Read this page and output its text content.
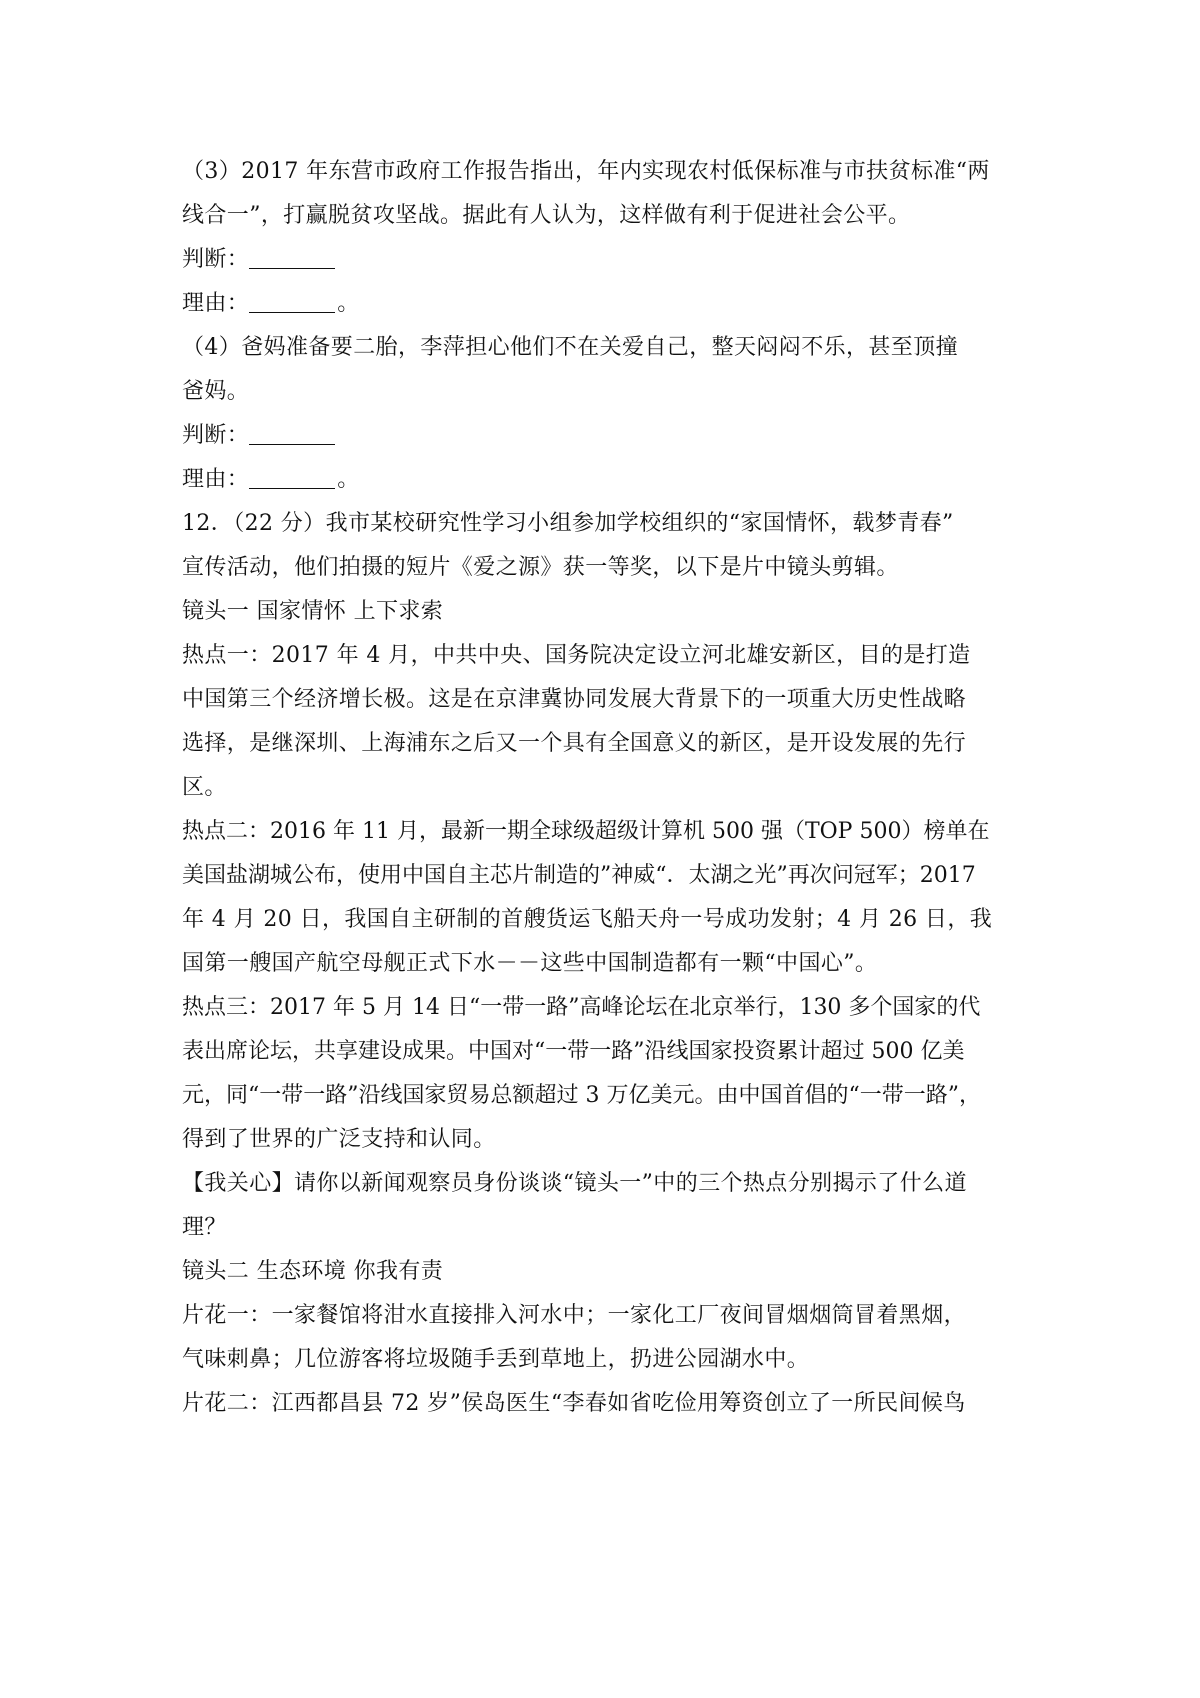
（3）2017 年东营市政府工作报告指出，年内实现农村低保标准与市扶贫标准“两
线合一”，打赢脱贫攻坚战。据此有人认为，这样做有利于促进社会公平。
判断：
理由：	。
（4）爸妈准备要二胎，李萍担心他们不在关爱自己，整天闷闷不乐，甚至顶撞
爸妈。
判断：
理由：	。
12．（22 分）我市某校研究性学习小组参加学校组织的“家国情怀，载梦青春”
宣传活动，他们拍摄的短片《爱之源》获一等奖，以下是片中镜头剪辑。
镜头一 国家情怀 上下求索
热点一：2017 年 4 月，中共中央、国务院决定设立河北雄安新区，目的是打造
中国第三个经济增长极。这是在京津冀协同发展大背景下的一项重大历史性战略
选择，是继深圳、上海浦东之后又一个具有全国意义的新区，是开设发展的先行
区。
热点二：2016 年 11 月，最新一期全球级超级计算机 500 强（TOP 500）榜单在
美国盐湖城公布，使用中国自主芯片制造的”神威“．太湖之光”再次问冠军；2017
年 4 月 20 日，我国自主研制的首艘货运飞船天舟一号成功发射；4 月 26 日，我
国第一艘国产航空母舰正式下水－－这些中国制造都有一颗“中国心”。
热点三：2017 年 5 月 14 日“一带一路”高峰论坛在北京举行，130 多个国家的代
表出席论坛，共享建设成果。中国对“一带一路”沿线国家投资累计超过 500 亿美
元，同“一带一路”沿线国家贸易总额超过 3 万亿美元。由中国首倡的“一带一路”，
得到了世界的广泛支持和认同。
【我关心】请你以新闻观察员身份谈谈“镜头一”中的三个热点分别揭示了什么道
理？
镜头二 生态环境 你我有责
片花一：一家餐馆将泔水直接排入河水中；一家化工厂夜间冒烟烟筒冒着黑烟，
气味刺鼻；几位游客将垃圾随手丢到草地上，扔进公园湖水中。
片花二：江西都昌县 72 岁”侯岛医生“李春如省吃俭用筹资创立了一所民间候鸟
